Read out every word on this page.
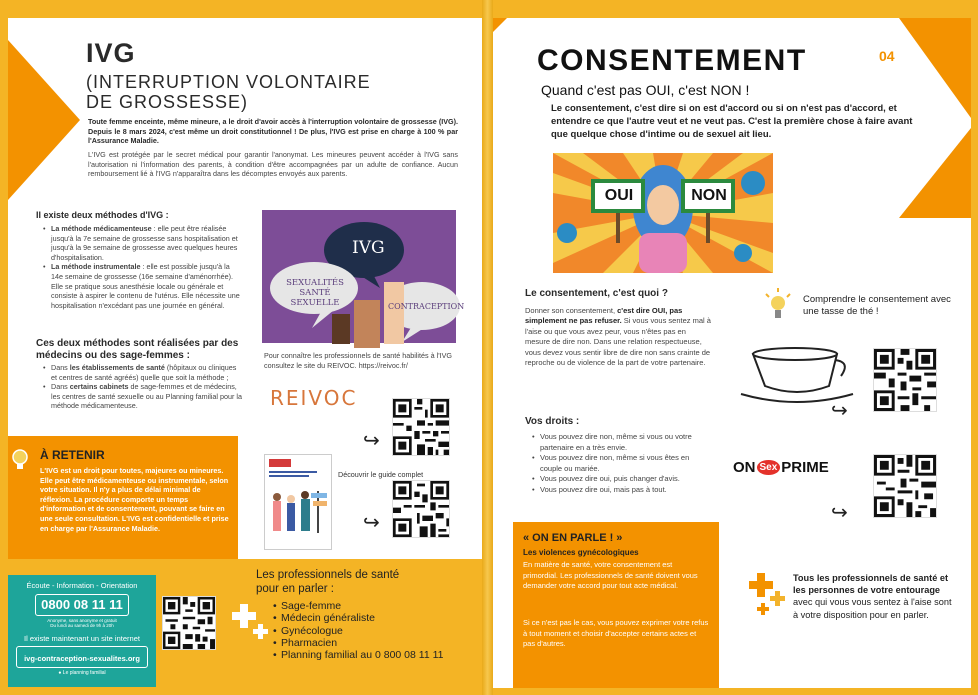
IVG
(INTERRUPTION VOLONTAIRE
DE GROSSESSE)
Toute femme enceinte, même mineure, a le droit d'avoir accès à l'interruption volontaire de grossesse (IVG). Depuis le 8 mars 2024, c'est même un droit constitutionnel ! De plus, l'IVG est prise en charge à 100 % par l'Assurance Maladie.
L'IVG est protégée par le secret médical pour garantir l'anonymat. Les mineures peuvent accéder à l'IVG sans l'autorisation ni l'information des parents, à condition d'être accompagnées par un adulte de confiance. Aucun remboursement lié à l'IVG n'apparaîtra dans les décomptes envoyés aux parents.
Il existe deux méthodes d'IVG :
• La méthode médicamenteuse : elle peut être réalisée jusqu'à la 7e semaine de grossesse sans hospitalisation et jusqu'à la 9e semaine de grossesse avec quelques heures d'hospitalisation.
• La méthode instrumentale : elle est possible jusqu'à la 14e semaine de grossesse (16e semaine d'aménorrhée). Elle se pratique sous anesthésie locale ou générale et consiste à aspirer le contenu de l'utérus. Elle nécessite une hospitalisation n'excédant pas une journée en général.
Ces deux méthodes sont réalisées par des médecins ou des sage-femmes :
• Dans les établissements de santé (hôpitaux ou cliniques et centres de santé agréés) quelle que soit la méthode ;
• Dans certains cabinets de sage-femmes et de médecins, les centres de santé sexuelle ou au Planning familial pour la méthode médicamenteuse.
IVG
SEXUALITÉS SANTÉ SEXUELLE	CONTRACEPTION
Pour connaître les professionnels de santé habilités à l'IVG consultez le site du REIVOC. https://reivoc.fr/
REIVOC
↪
Découvrir le guide complet
↪
À RETENIR
L'IVG est un droit pour toutes, majeures ou mineures. Elle peut être médicamenteuse ou instrumentale, selon votre situation. Il n'y a plus de délai minimal de réflexion. La procédure comporte un temps d'information et de consentement, pouvant se faire en une seule consultation. L'IVG est confidentielle et prise en charge par l'Assurance Maladie.
Écoute - Information - Orientation
0800 08 11 11
Anonyme, sans anonyme et gratuit
Du lundi au samedi de 9h à 20h
Il existe maintenant un site internet
ivg-contraception-sexualites.org
● Le planning familial
Les professionnels de santé
pour en parler :
• Sage-femme
• Médecin généraliste
• Gynécologue
• Pharmacien
• Planning familial au 0 800 08 11 11
CONSENTEMENT	04
Quand c'est pas OUI, c'est NON !
Le consentement, c'est dire si on est d'accord ou si on n'est pas d'accord, et entendre ce que l'autre veut et ne veut pas. C'est la première chose à faire avant que quelque chose d'intime ou de sexuel ait lieu.
OUI	NON
Le consentement, c'est quoi ?
Donner son consentement, c'est dire OUI, pas simplement ne pas refuser. Si vous vous sentez mal à l'aise ou que vous avez peur, vous n'êtes pas en mesure de dire non. Dans une relation respectueuse, vous devez vous sentir libre de dire non sans crainte de reproche ou de violence de la part de votre partenaire.
Comprendre le consentement avec une tasse de thé !
↪
Vos droits :
• Vous pouvez dire non, même si vous ou votre partenaire en a très envie.
• Vous pouvez dire non, même si vous êtes en couple ou mariée.
• Vous pouvez dire oui, puis changer d'avis.
• Vous pouvez dire oui, mais pas à tout.
ON Sex PRIME
↪
« ON EN PARLE ! »
Les violences gynécologiques
En matière de santé, votre consentement est primordial. Les professionnels de santé doivent vous demander votre accord pour tout acte médical.
Si ce n'est pas le cas, vous pouvez exprimer votre refus à tout moment et choisir d'accepter certains actes et pas d'autres.
Tous les professionnels de santé et les personnes de votre entourage avec qui vous vous sentez à l'aise sont à votre disposition pour en parler.
